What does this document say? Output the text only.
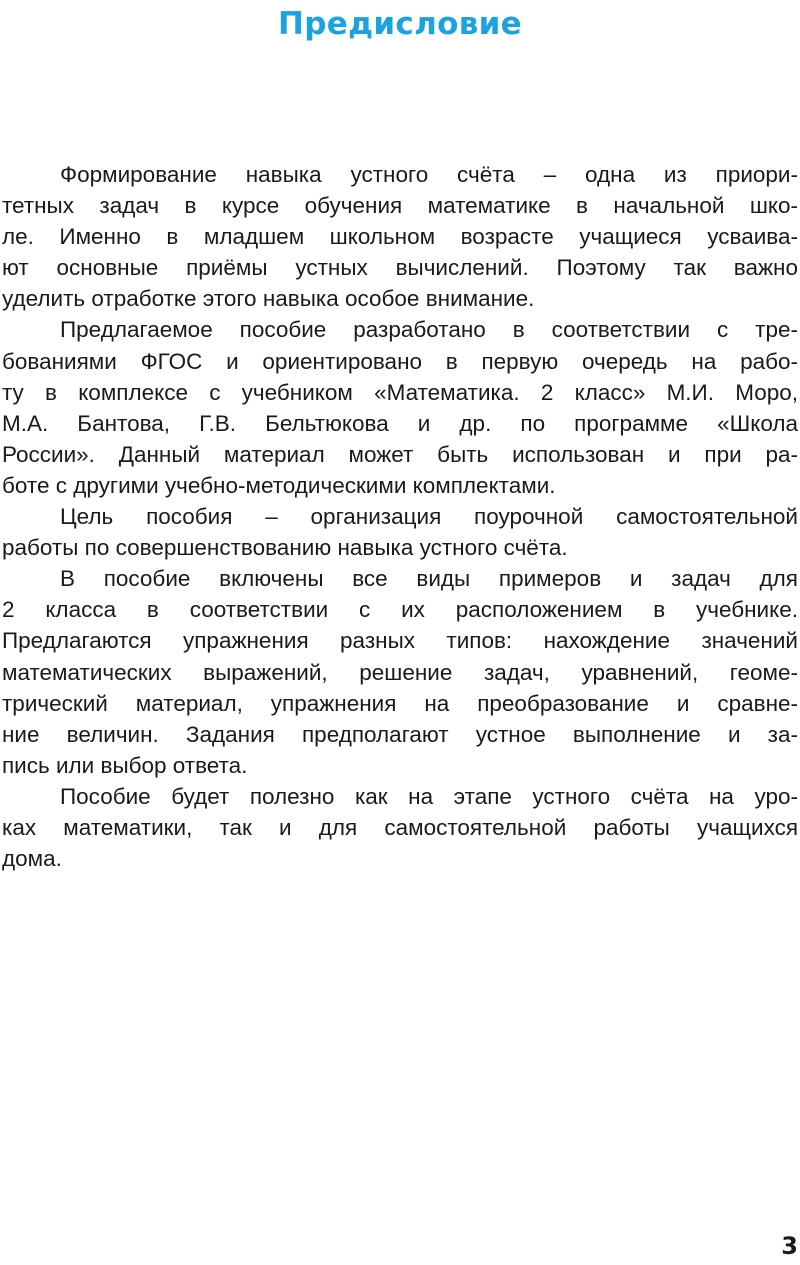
Предисловие
Формирование навыка устного счёта – одна из приори-
тетных задач в курсе обучения математике в начальной шко-
ле. Именно в младшем школьном возрасте учащиеся усваива-
ют основные приёмы устных вычислений. Поэтому так важно
уделить отработке этого навыка особое внимание.
Предлагаемое пособие разработано в соответствии с тре-
бованиями ФГОС и ориентировано в первую очередь на рабо-
ту в комплексе с учебником «Математика. 2 класс» М.И. Моро,
М.А. Бантова, Г.В. Бельтюкова и др. по программе «Школа
России». Данный материал может быть использован и при ра-
боте с другими учебно-методическими комплектами.
Цель пособия – организация поурочной самостоятельной
работы по совершенствованию навыка устного счёта.
В пособие включены все виды примеров и задач для
2 класса в соответствии с их расположением в учебнике.
Предлагаются упражнения разных типов: нахождение значений
математических выражений, решение задач, уравнений, геоме-
трический материал, упражнения на преобразование и сравне-
ние величин. Задания предполагают устное выполнение и за-
пись или выбор ответа.
Пособие будет полезно как на этапе устного счёта на уро-
ках математики, так и для самостоятельной работы учащихся
дома.
3
